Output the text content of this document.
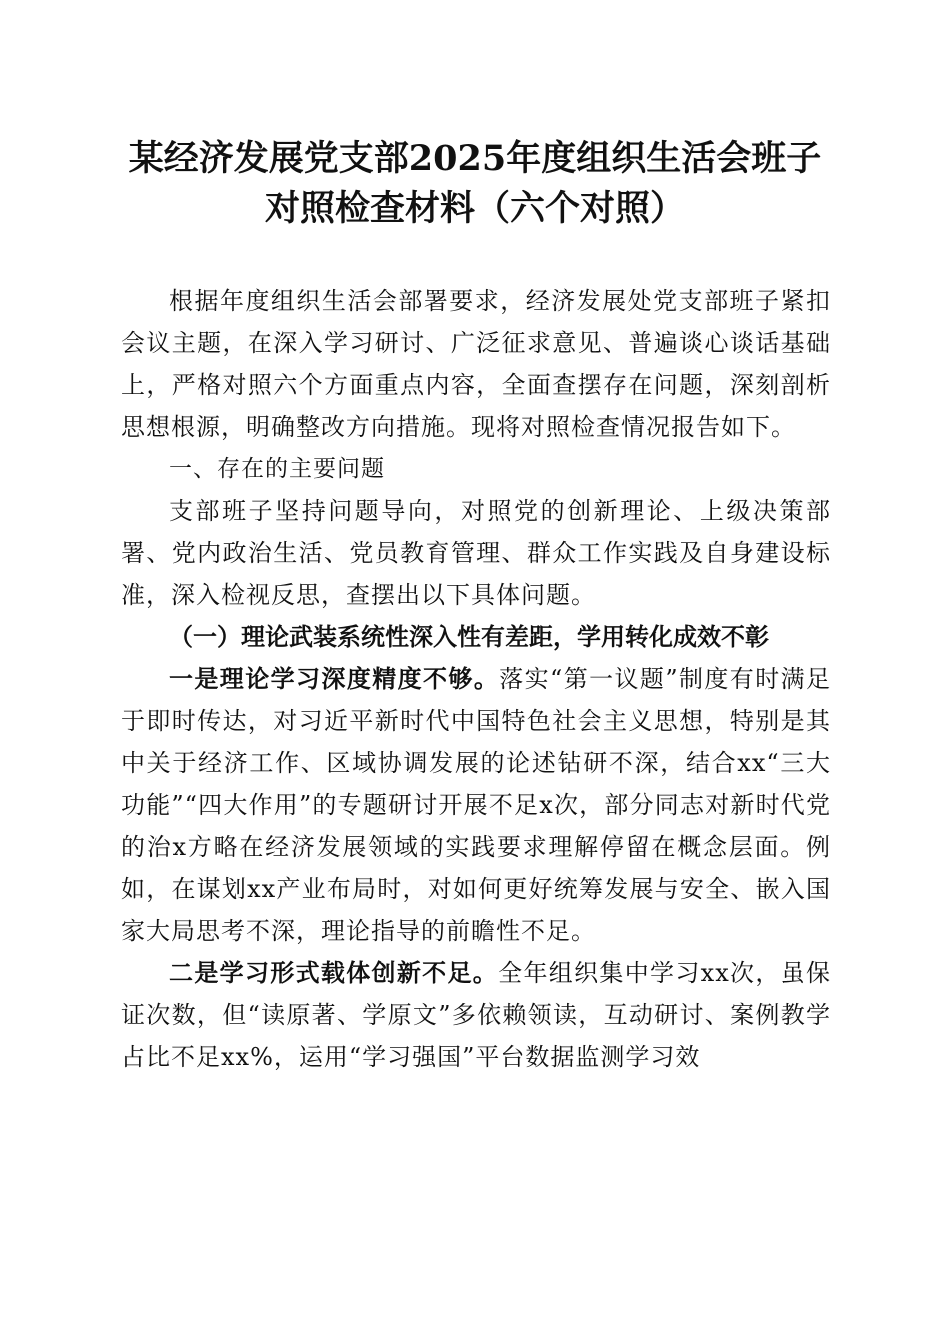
某经济发展党支部2025年度组织生活会班子
对照检查材料（六个对照）

根据年度组织生活会部署要求，经济发展处党支部班子紧扣会议主题，在深入学习研讨、广泛征求意见、普遍谈心谈话基础上，严格对照六个方面重点内容，全面查摆存在问题，深刻剖析思想根源，明确整改方向措施。现将对照检查情况报告如下。

一、存在的主要问题

支部班子坚持问题导向，对照党的创新理论、上级决策部署、党内政治生活、党员教育管理、群众工作实践及自身建设标准，深入检视反思，查摆出以下具体问题。

（一）理论武装系统性深入性有差距，学用转化成效不彰

一是理论学习深度精度不够。落实“第一议题”制度有时满足于即时传达，对习近平新时代中国特色社会主义思想，特别是其中关于经济工作、区域协调发展的论述钻研不深，结合xx“三大功能”“四大作用”的专题研讨开展不足x次，部分同志对新时代党的治x方略在经济发展领域的实践要求理解停留在概念层面。例如，在谋划xx产业布局时，对如何更好统筹发展与安全、嵌入国家大局思考不深，理论指导的前瞻性不足。

二是学习形式载体创新不足。全年组织集中学习xx次，虽保证次数，但“读原著、学原文”多依赖领读，互动研讨、案例教学占比不足xx%，运用“学习强国”平台数据监测学习效
